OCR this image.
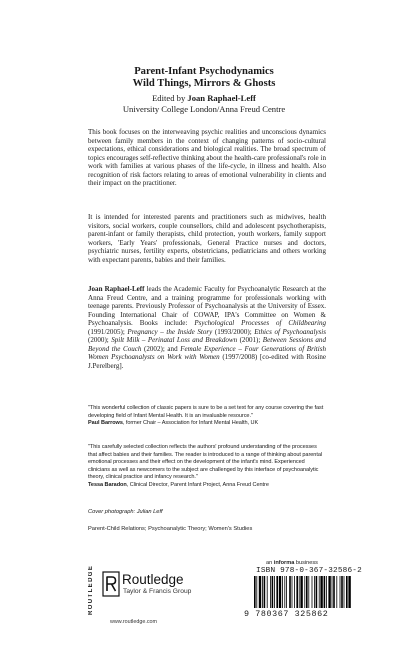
Parent-Infant Psychodynamics
Wild Things, Mirrors & Ghosts
Edited by Joan Raphael-Leff
University College London/Anna Freud Centre

This book focuses on the interweaving psychic realities and unconscious dynamics between family members in the context of changing patterns of socio-cultural expectations, ethical considerations and biological realities. The broad spectrum of topics encourages self-reflective thinking about the health-care professional's role in work with families at various phases of the life-cycle, in illness and health. Also recognition of risk factors relating to areas of emotional vulnerability in clients and their impact on the practitioner.

It is intended for interested parents and practitioners such as midwives, health visitors, social workers, couple counsellors, child and adolescent psychotherapists, parent-infant or family therapists, child protection, youth workers, family support workers, 'Early Years' professionals, General Practice nurses and doctors, psychiatric nurses, fertility experts, obstetricians, pediatricians and others working with expectant parents, babies and their families.

Joan Raphael-Leff leads the Academic Faculty for Psychoanalytic Research at the Anna Freud Centre, and a training programme for professionals working with teenage parents. Previously Professor of Psychoanalysis at the University of Essex. Founding International Chair of COWAP, IPA's Committee on Women & Psychoanalysis. Books include: Psychological Processes of Childbearing (1991/2005); Pregnancy – the Inside Story (1993/2000); Ethics of Psychoanalysis (2000); Spilt Milk – Perinatal Loss and Breakdown (2001); Between Sessions and Beyond the Couch (2002); and Female Experience – Four Generations of British Women Psychoanalysts on Work with Women (1997/2008) [co-edited with Rosine J.Perelberg].

"This wonderful collection of classic papers is sure to be a set text for any course covering the fast developing field of Infant Mental Health. It is an invaluable resource."
Paul Barrows, former Chair – Association for Infant Mental Health, UK
"This carefully selected collection reflects the authors' profound understanding of the processes that affect babies and their families. The reader is introduced to a range of thinking about parental emotional processes and their effect on the development of the infant's mind. Experienced clinicians as well as newcomers to the subject are challenged by this interface of psychoanalytic theory, clinical practice and infancy research."
Tessa Baradon, Clinical Director, Parent Infant Project, Anna Freud Centre
Cover photograph: Julian Leff
Parent-Child Relations; Psychoanalytic Theory; Women's Studies
an informa business
ROUTLEDGE	Routledge
Taylor & Francis Group
www.routledge.com
ISBN 978-0-367-32586-2
9 780367 325862
